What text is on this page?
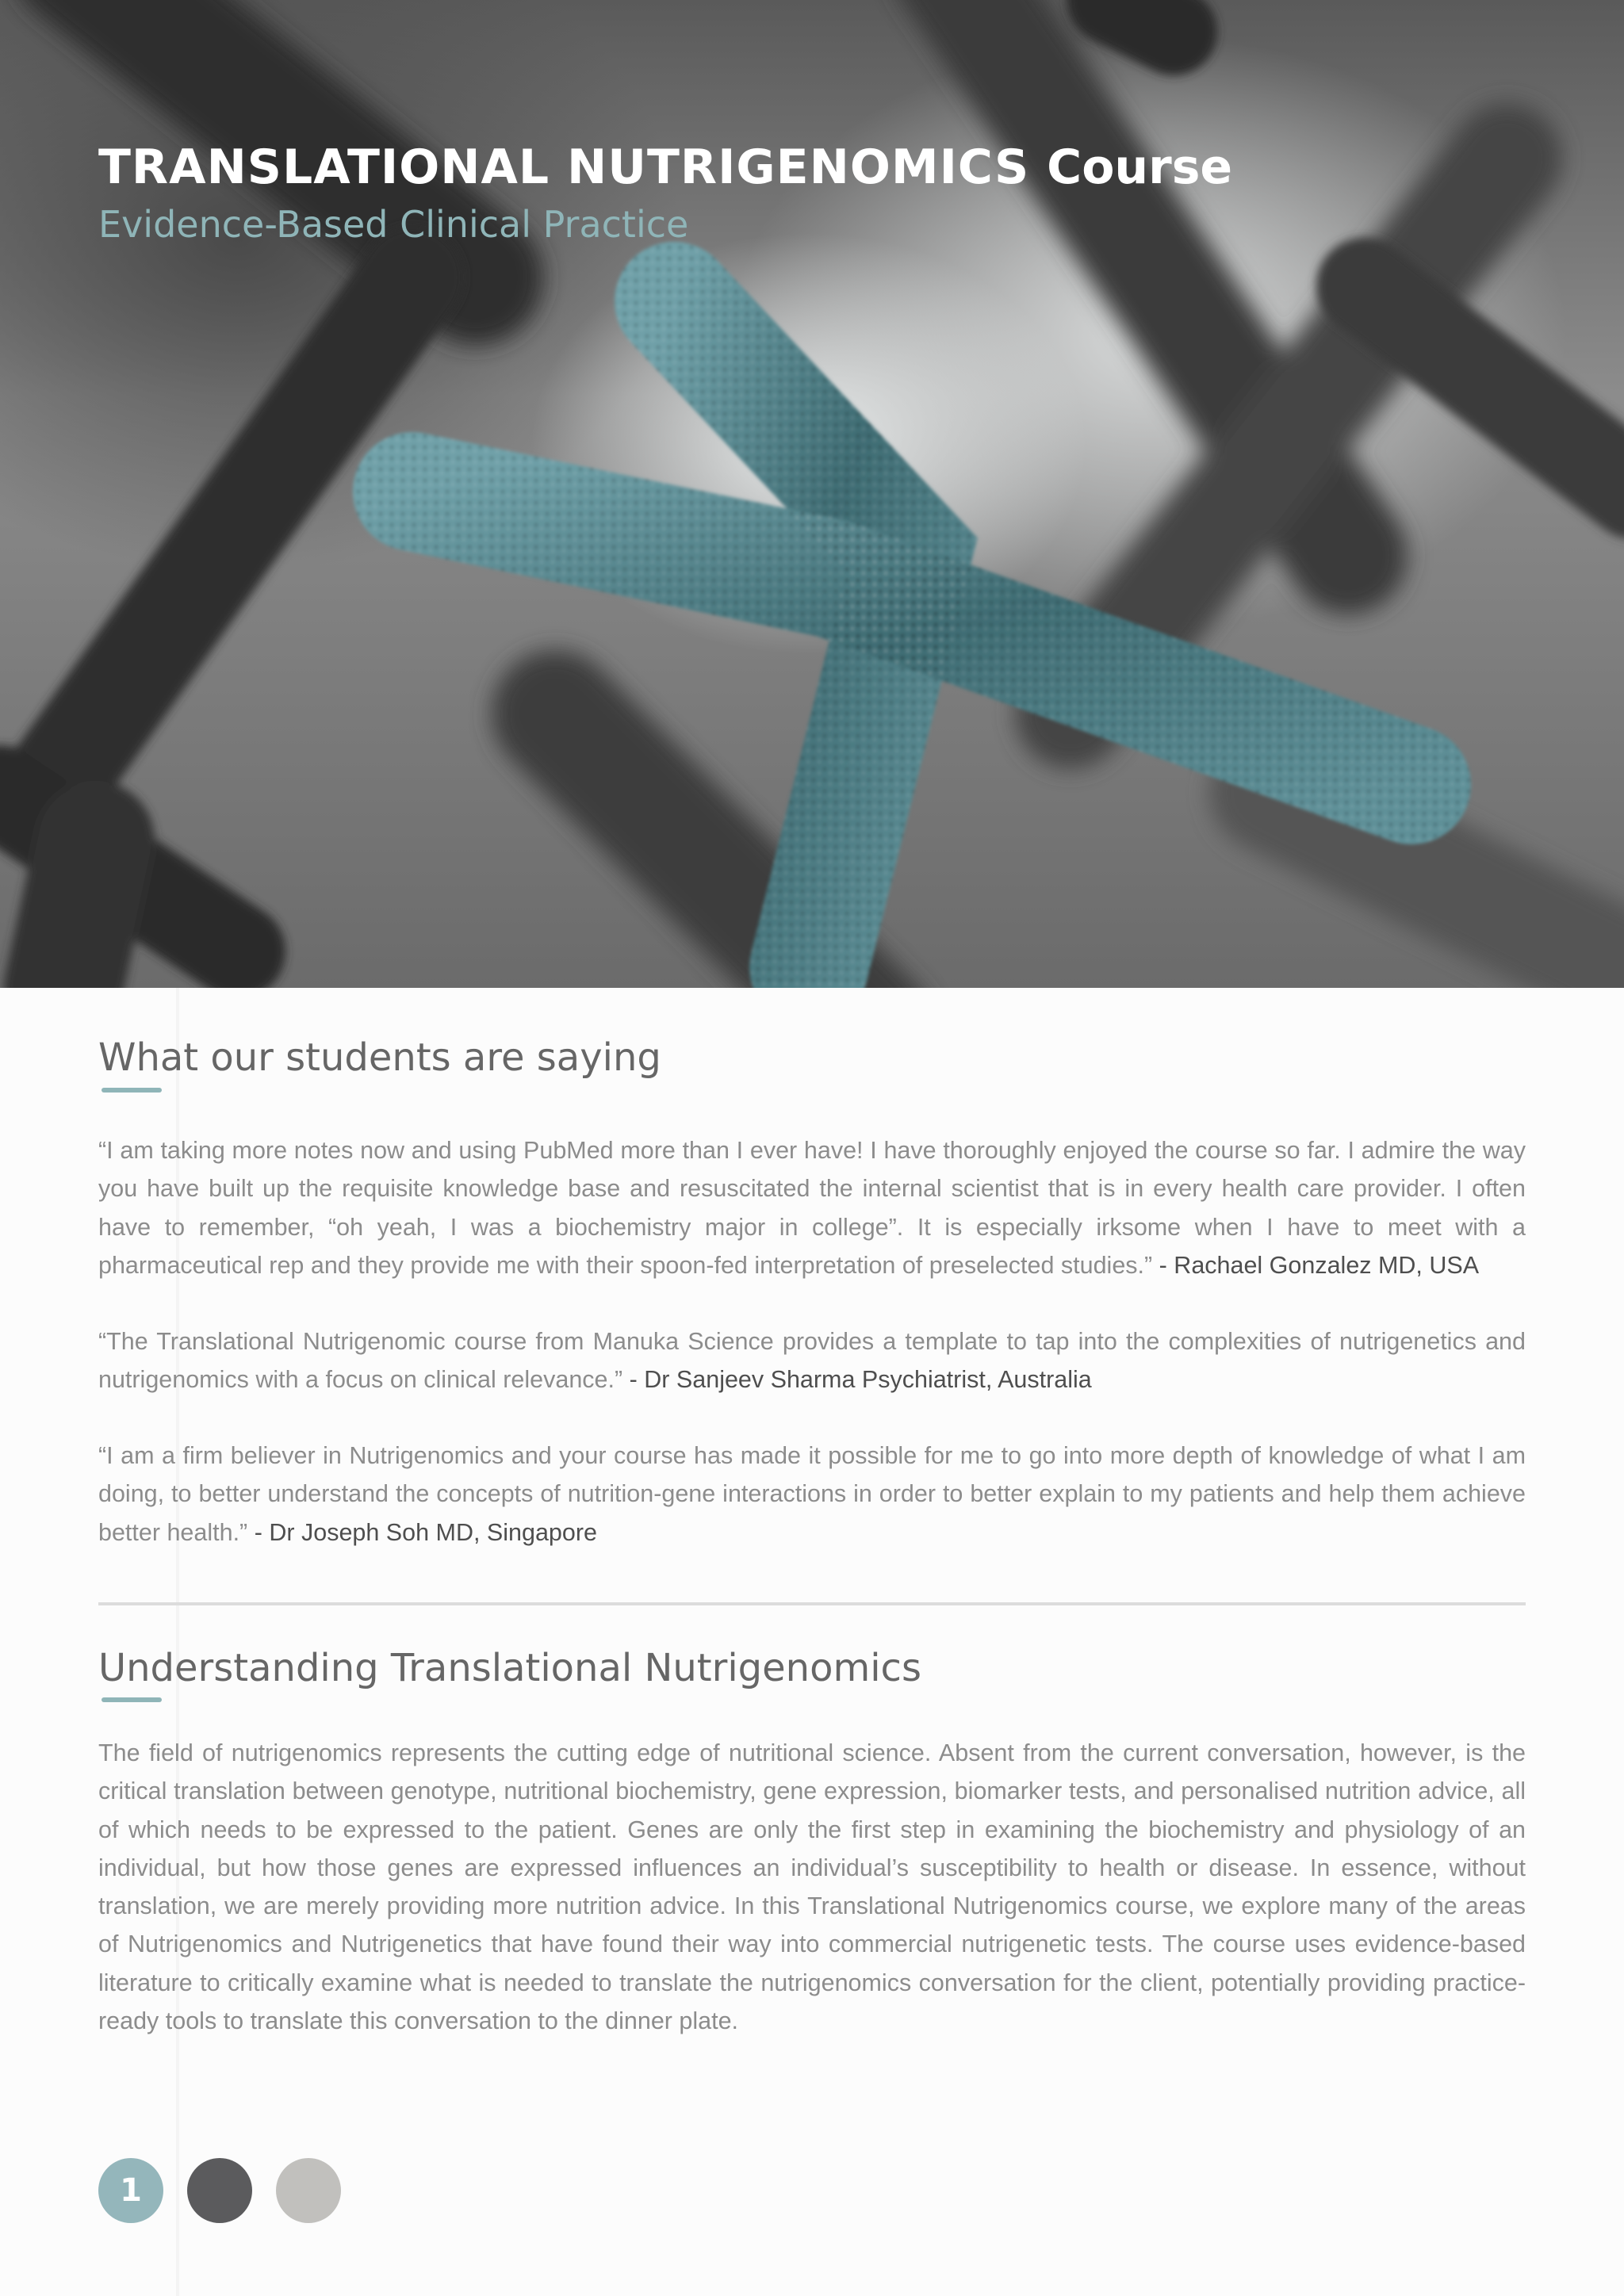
TRANSLATIONAL NUTRIGENOMICS Course
Evidence-Based Clinical Practice
What our students are saying

“I am taking more notes now and using PubMed more than I ever have! I have thoroughly enjoyed the course so far. I admire the way you have built up the requisite knowledge base and resuscitated the internal scientist that is in every health care provider. I often have to remember, “oh yeah, I was a biochemistry major in college”. It is especially irksome when I have to meet with a pharmaceutical rep and they provide me with their spoon-fed interpretation of preselected studies.” - Rachael Gonzalez MD, USA

“The Translational Nutrigenomic course from Manuka Science provides a template to tap into the complexities of nutrigenetics and nutrigenomics with a focus on clinical relevance.” - Dr Sanjeev Sharma Psychiatrist, Australia

“I am a firm believer in Nutrigenomics and your course has made it possible for me to go into more depth of knowledge of what I am doing, to better understand the concepts of nutrition-gene interactions in order to better explain to my patients and help them achieve better health.” - Dr Joseph Soh MD, Singapore

Understanding Translational Nutrigenomics

The field of nutrigenomics represents the cutting edge of nutritional science. Absent from the current conversation, however, is the critical translation between genotype, nutritional biochemistry, gene expression, biomarker tests, and personalised nutrition advice, all of which needs to be expressed to the patient. Genes are only the first step in examining the biochemistry and physiology of an individual, but how those genes are expressed influences an individual’s susceptibility to health or disease. In essence, without translation, we are merely providing more nutrition advice. In this Translational Nutrigenomics course, we explore many of the areas of Nutrigenomics and Nutrigenetics that have found their way into commercial nutrigenetic tests. The course uses evidence-based literature to critically examine what is needed to translate the nutrigenomics conversation for the client, potentially providing practice-ready tools to translate this conversation to the dinner plate.

1
